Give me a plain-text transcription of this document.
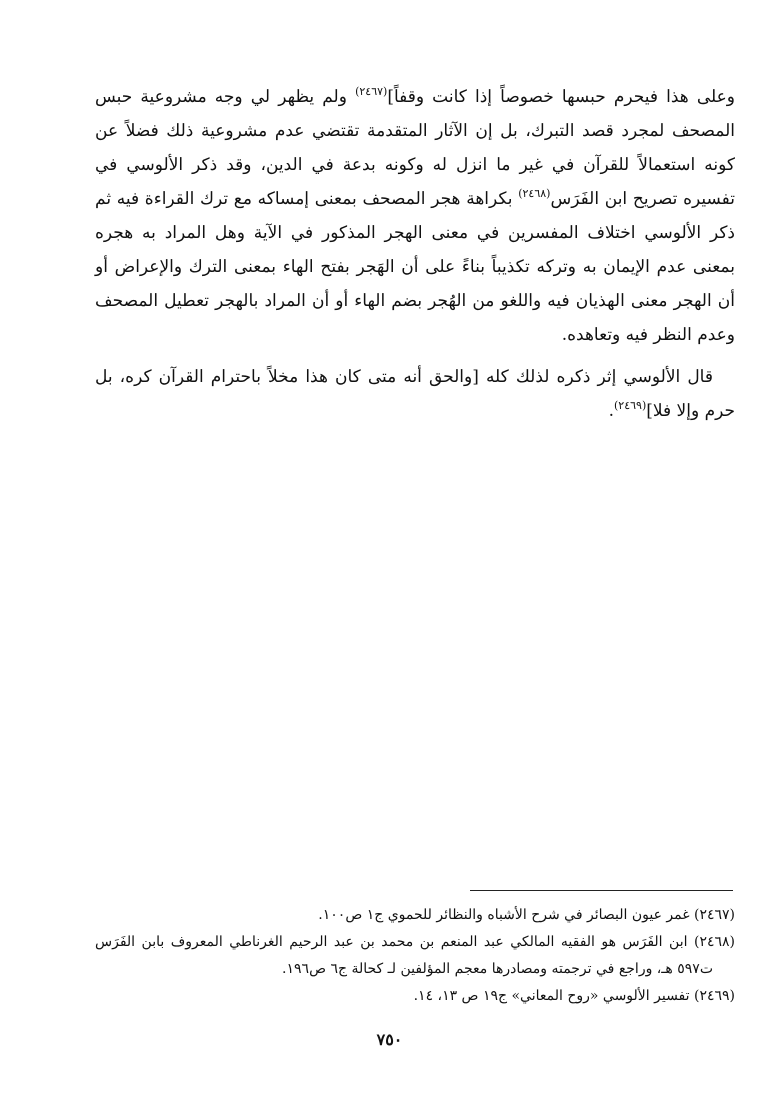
وعلى هذا فيحرم حبسها خصوصاً إذا كانت وقفاً]$^{(٢٤٦٧)}$ ولم يظهر لي وجه مشروعية حبس المصحف لمجرد قصد التبرك، بل إن الآثار المتقدمة تقتضي عدم مشروعية ذلك فضلاً عن كونه استعمالاً للقرآن في غير ما انزل له وكونه بدعة في الدين، وقد ذكر الألوسي في تفسيره تصريح ابن الفَرَس$^{(٢٤٦٨)}$ بكراهة هجر المصحف بمعنى إمساكه مع ترك القراءة فيه ثم ذكر الألوسي اختلاف المفسرين في معنى الهجر المذكور في الآية وهل المراد به هجره بمعنى عدم الإيمان به وتركه تكذيباً بناءً على أن الهَجر بفتح الهاء بمعنى الترك والإعراض أو أن الهجر معنى الهذيان فيه واللغو من الهُجر بضم الهاء أو أن المراد بالهجر تعطيل المصحف وعدم النظر فيه وتعاهده.

قال الألوسي إثر ذكره لذلك كله [والحق أنه متى كان هذا مخلاً باحترام القرآن كره، بل حرم وإلا فلا]$^{(٢٤٦٩)}$.

(٢٤٦٧) غمر عيون البصائر في شرح الأشباه والنظائر للحموي ج١ ص١٠٠.

(٢٤٦٨) ابن الفَرَس هو الفقيه المالكي عبد المنعم بن محمد بن عبد الرحيم الغرناطي المعروف بابن الفَرَس ت٥٩٧ هـ، وراجع في ترجمته ومصادرها معجم المؤلفين لـ كحالة ج٦ ص١٩٦.

(٢٤٦٩) تفسير الألوسي «روح المعاني» ج١٩ ص ١٣، ١٤.

٧٥٠
